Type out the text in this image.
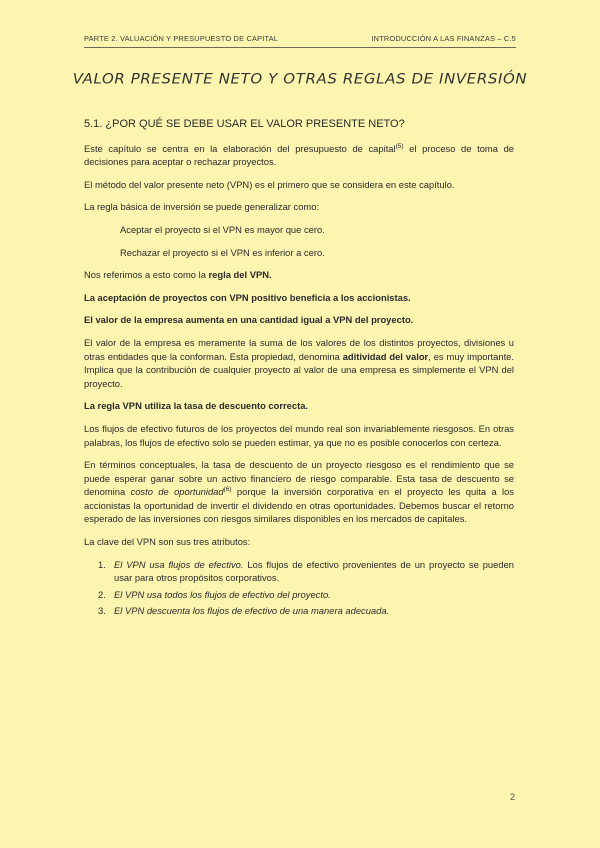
PARTE 2. VALUACIÓN Y PRESUPUESTO DE CAPITAL	INTRODUCCIÓN A LAS FINANZAS – C.5
VALOR PRESENTE NETO Y OTRAS REGLAS DE INVERSIÓN
5.1. ¿POR QUÉ SE DEBE USAR EL VALOR PRESENTE NETO?

Este capítulo se centra en la elaboración del presupuesto de capital$^{(5)}$ el proceso de toma de decisiones para aceptar o rechazar proyectos.

El método del valor presente neto (VPN) es el primero que se considera en este capítulo.

La regla básica de inversión se puede generalizar como:

Aceptar el proyecto si el VPN es mayor que cero.

Rechazar el proyecto si el VPN es inferior a cero.

Nos referimos a esto como la regla del VPN.

La aceptación de proyectos con VPN positivo beneficia a los accionistas.

El valor de la empresa aumenta en una cantidad igual a VPN del proyecto.

El valor de la empresa es meramente la suma de los valores de los distintos proyectos, divisiones u otras entidades que la conforman. Esta propiedad, denomina aditividad del valor, es muy importante. Implica que la contribución de cualquier proyecto al valor de una empresa es simplemente el VPN del proyecto.

La regla VPN utiliza la tasa de descuento correcta.

Los flujos de efectivo futuros de los proyectos del mundo real son invariablemente riesgosos. En otras palabras, los flujos de efectivo solo se pueden estimar, ya que no es posible conocerlos con certeza.

En términos conceptuales, la tasa de descuento de un proyecto riesgoso es el rendimiento que se puede esperar ganar sobre un activo financiero de riesgo comparable. Esta tasa de descuento se denomina costo de oportunidad$^{(6)}$ porque la inversión corporativa en el proyecto les quita a los accionistas la oportunidad de invertir el dividendo en otras oportunidades. Debemos buscar el retorno esperado de las inversiones con riesgos similares disponibles en los mercados de capitales.

La clave del VPN son sus tres atributos:

1. El VPN usa flujos de efectivo. Los flujos de efectivo provenientes de un proyecto se pueden usar para otros propósitos corporativos.
2. El VPN usa todos los flujos de efectivo del proyecto.
3. El VPN descuenta los flujos de efectivo de una manera adecuada.
2
